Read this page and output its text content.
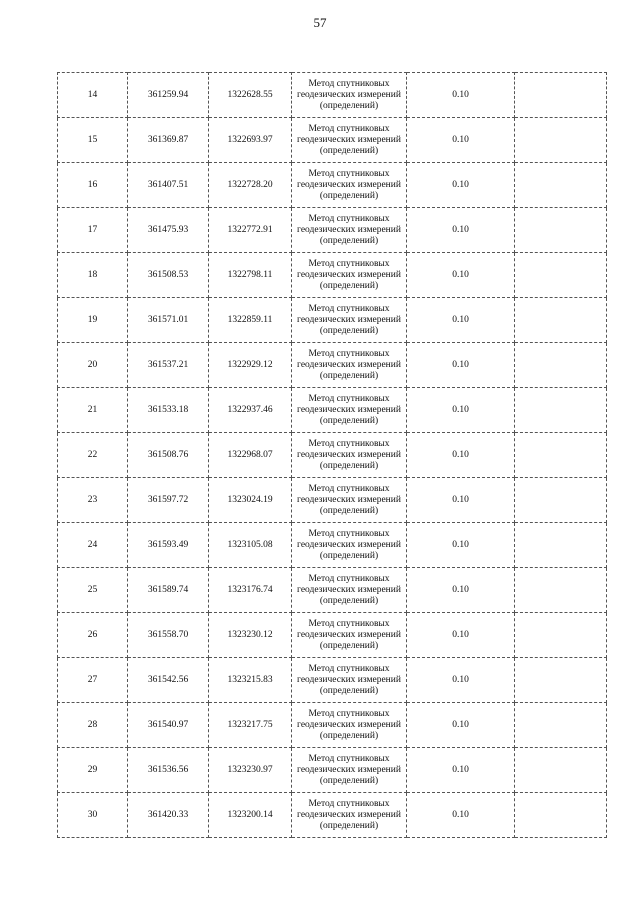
57
14	361259.94	1322628.55	Метод спутниковых
геодезических измерений
(определений)	0.10	
15	361369.87	1322693.97	Метод спутниковых
геодезических измерений
(определений)	0.10	
16	361407.51	1322728.20	Метод спутниковых
геодезических измерений
(определений)	0.10	
17	361475.93	1322772.91	Метод спутниковых
геодезических измерений
(определений)	0.10	
18	361508.53	1322798.11	Метод спутниковых
геодезических измерений
(определений)	0.10	
19	361571.01	1322859.11	Метод спутниковых
геодезических измерений
(определений)	0.10	
20	361537.21	1322929.12	Метод спутниковых
геодезических измерений
(определений)	0.10	
21	361533.18	1322937.46	Метод спутниковых
геодезических измерений
(определений)	0.10	
22	361508.76	1322968.07	Метод спутниковых
геодезических измерений
(определений)	0.10	
23	361597.72	1323024.19	Метод спутниковых
геодезических измерений
(определений)	0.10	
24	361593.49	1323105.08	Метод спутниковых
геодезических измерений
(определений)	0.10	
25	361589.74	1323176.74	Метод спутниковых
геодезических измерений
(определений)	0.10	
26	361558.70	1323230.12	Метод спутниковых
геодезических измерений
(определений)	0.10	
27	361542.56	1323215.83	Метод спутниковых
геодезических измерений
(определений)	0.10	
28	361540.97	1323217.75	Метод спутниковых
геодезических измерений
(определений)	0.10	
29	361536.56	1323230.97	Метод спутниковых
геодезических измерений
(определений)	0.10	
30	361420.33	1323200.14	Метод спутниковых
геодезических измерений
(определений)	0.10	
